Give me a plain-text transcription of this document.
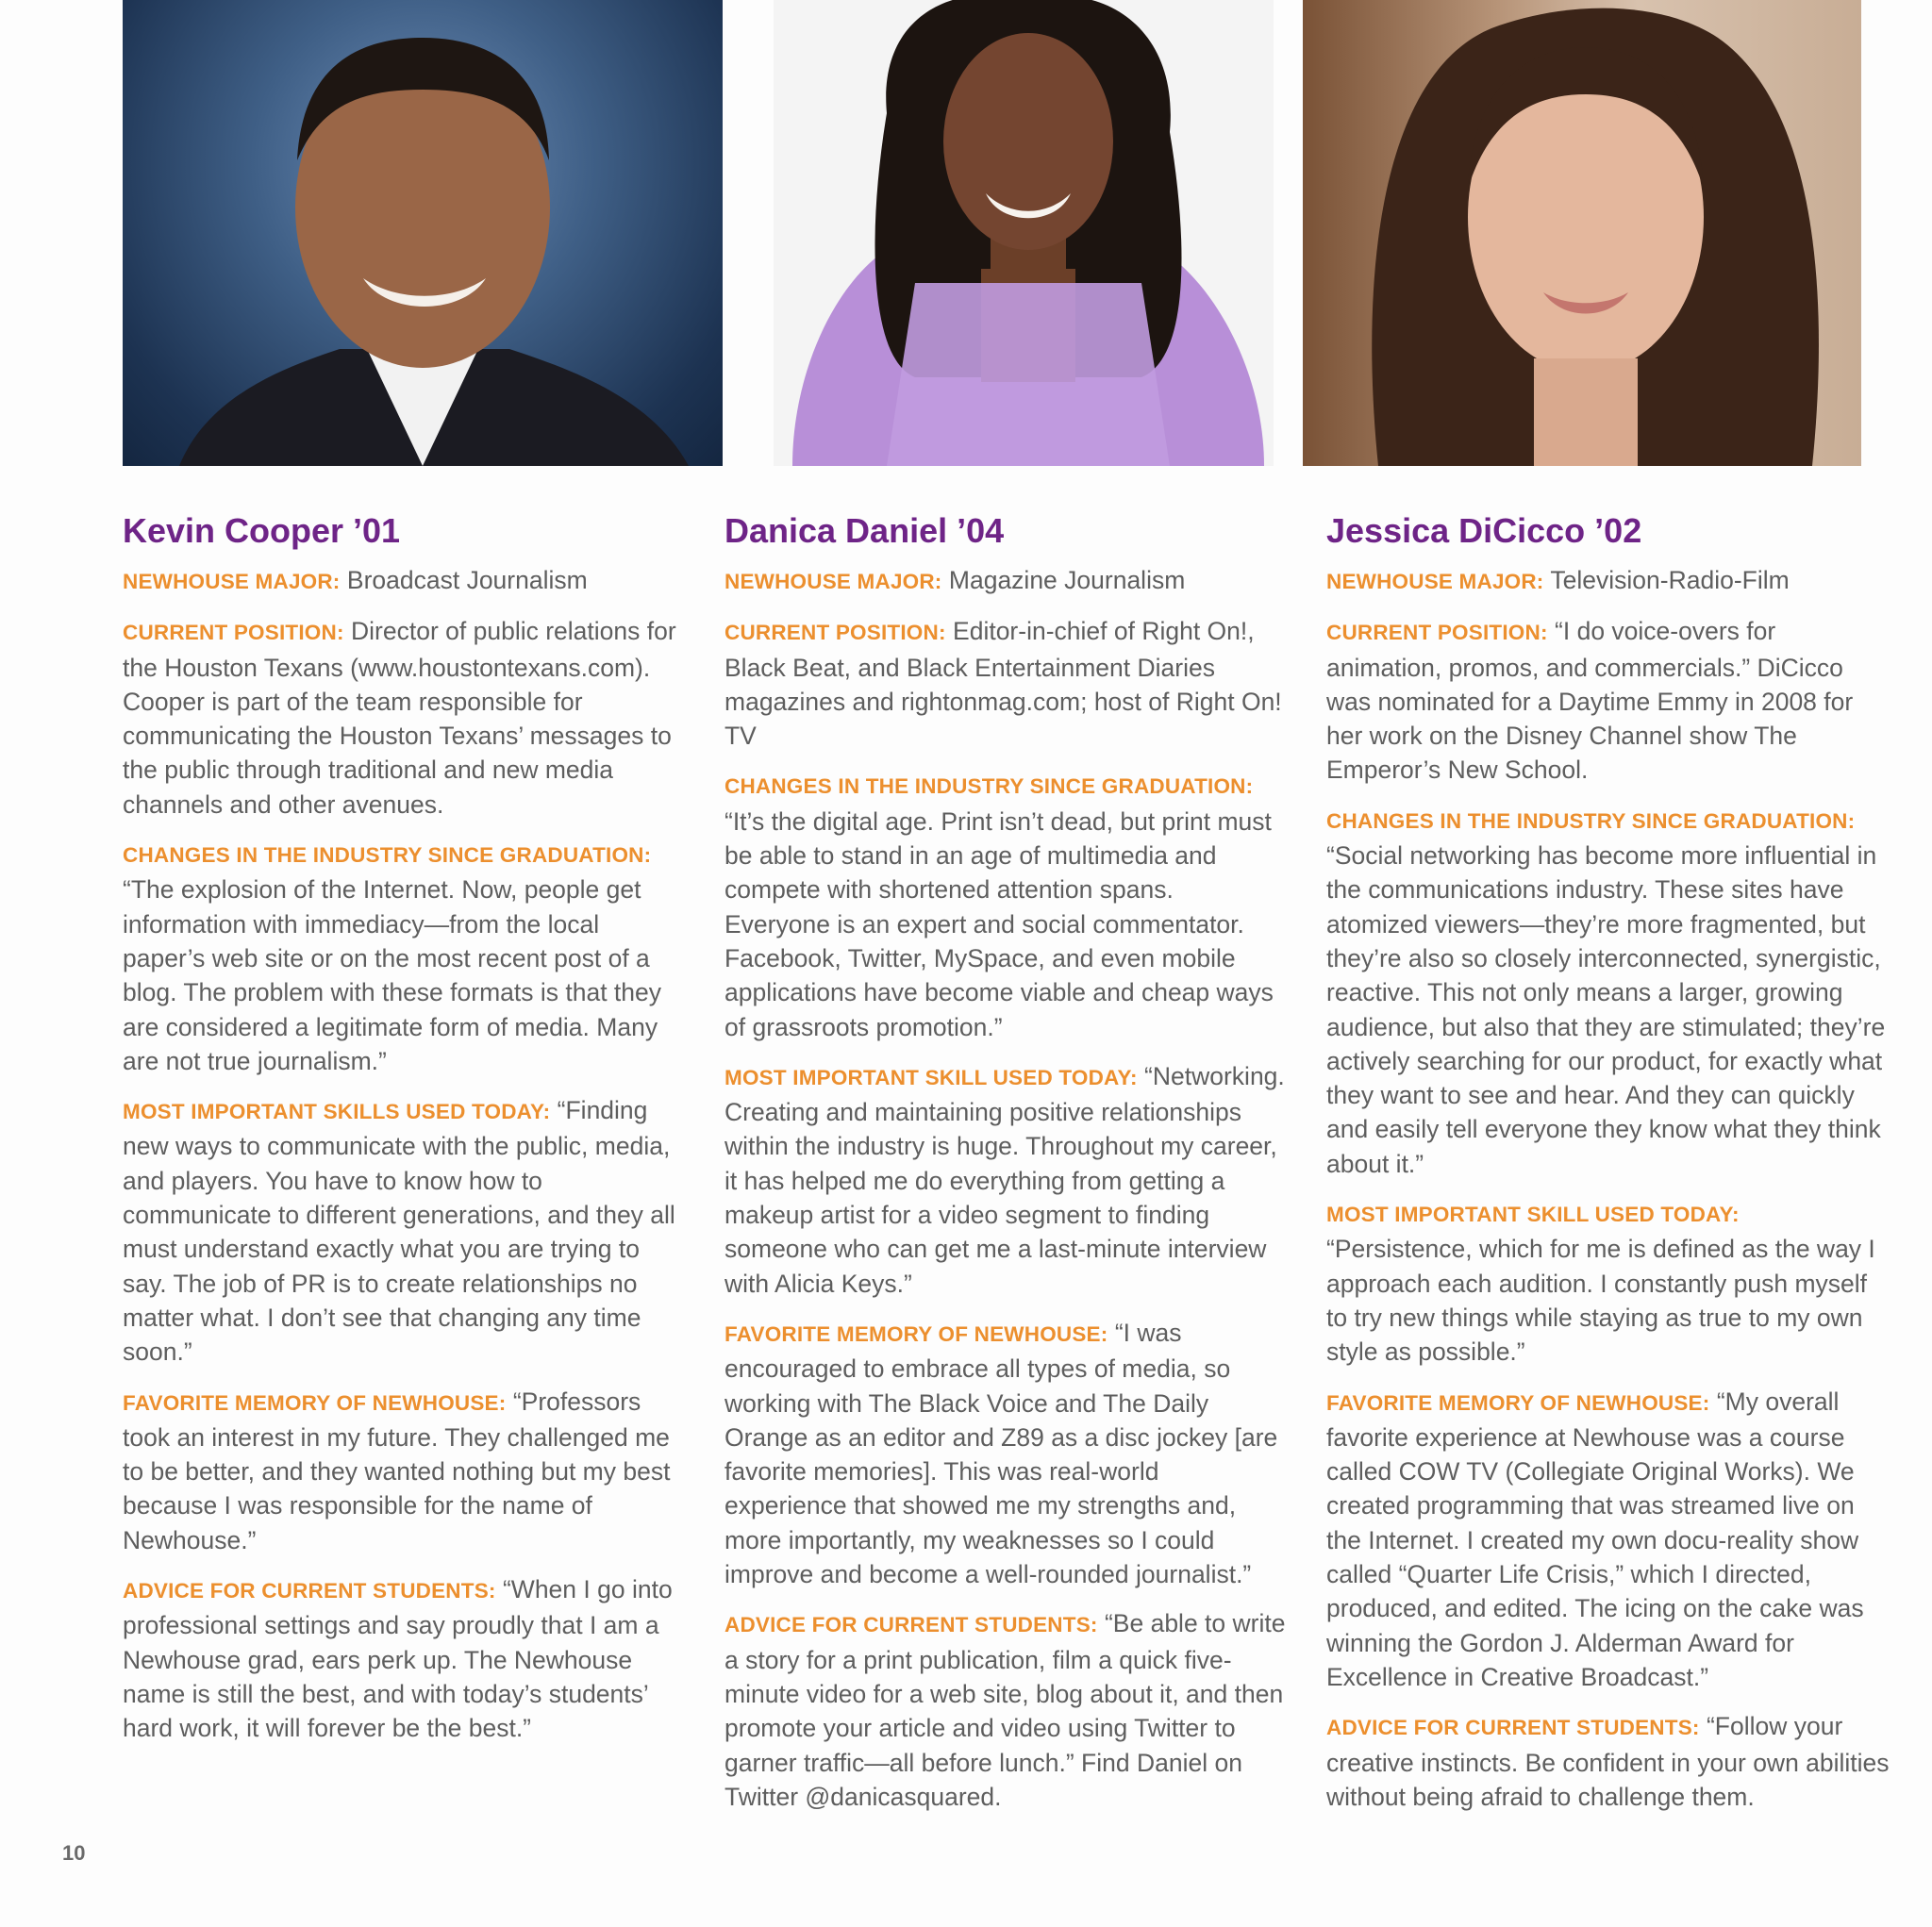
Kevin Cooper ’01

NEWHOUSE MAJOR: Broadcast Journalism

CURRENT POSITION: Director of public relations for the Houston Texans (www.houstontexans.com). Cooper is part of the team responsible for communicating the Houston Texans’ messages to the public through traditional and new media channels and other avenues.

CHANGES IN THE INDUSTRY SINCE GRADUATION:
“The explosion of the Internet. Now, people get information with immediacy—from the local paper’s web site or on the most recent post of a blog. The problem with these formats is that they are considered a legitimate form of media. Many are not true journalism.”

MOST IMPORTANT SKILLS USED TODAY: “Finding new ways to communicate with the public, media, and players. You have to know how to communicate to different generations, and they all must understand exactly what you are trying to say. The job of PR is to create relationships no matter what. I don’t see that changing any time soon.”

FAVORITE MEMORY OF NEWHOUSE: “Professors took an interest in my future. They challenged me to be better, and they wanted nothing but my best because I was responsible for the name of Newhouse.”

ADVICE FOR CURRENT STUDENTS: “When I go into professional settings and say proudly that I am a Newhouse grad, ears perk up. The Newhouse name is still the best, and with today’s students’ hard work, it will forever be the best.”

Danica Daniel ’04

NEWHOUSE MAJOR: Magazine Journalism

CURRENT POSITION: Editor-in-chief of Right On!, Black Beat, and Black Entertainment Diaries magazines and rightonmag.com; host of Right On! TV

CHANGES IN THE INDUSTRY SINCE GRADUATION:
“It’s the digital age. Print isn’t dead, but print must be able to stand in an age of multimedia and compete with shortened attention spans. Everyone is an expert and social commentator. Facebook, Twitter, MySpace, and even mobile applications have become viable and cheap ways of grassroots promotion.”

MOST IMPORTANT SKILL USED TODAY: “Networking. Creating and maintaining positive relationships within the industry is huge. Throughout my career, it has helped me do everything from getting a makeup artist for a video segment to finding someone who can get me a last-minute interview with Alicia Keys.”

FAVORITE MEMORY OF NEWHOUSE: “I was encouraged to embrace all types of media, so working with The Black Voice and The Daily Orange as an editor and Z89 as a disc jockey [are favorite memories]. This was real-world experience that showed me my strengths and, more importantly, my weaknesses so I could improve and become a well-rounded journalist.”

ADVICE FOR CURRENT STUDENTS: “Be able to write a story for a print publication, film a quick five-minute video for a web site, blog about it, and then promote your article and video using Twitter to garner traffic—all before lunch.” Find Daniel on Twitter @danicasquared.

Jessica DiCicco ’02

NEWHOUSE MAJOR: Television-Radio-Film

CURRENT POSITION: “I do voice-overs for animation, promos, and commercials.” DiCicco was nominated for a Daytime Emmy in 2008 for her work on the Disney Channel show The Emperor’s New School.

CHANGES IN THE INDUSTRY SINCE GRADUATION:
“Social networking has become more influential in the communications industry. These sites have atomized viewers—they’re more fragmented, but they’re also so closely interconnected, synergistic, reactive. This not only means a larger, growing audience, but also that they are stimulated; they’re actively searching for our product, for exactly what they want to see and hear. And they can quickly and easily tell everyone they know what they think about it.”

MOST IMPORTANT SKILL USED TODAY:
“Persistence, which for me is defined as the way I approach each audition. I constantly push myself to try new things while staying as true to my own style as possible.”

FAVORITE MEMORY OF NEWHOUSE: “My overall favorite experience at Newhouse was a course called COW TV (Collegiate Original Works). We created programming that was streamed live on the Internet. I created my own docu-reality show called “Quarter Life Crisis,” which I directed, produced, and edited. The icing on the cake was winning the Gordon J. Alderman Award for Excellence in Creative Broadcast.”

ADVICE FOR CURRENT STUDENTS: “Follow your creative instincts. Be confident in your own abilities without being afraid to challenge them.

10
